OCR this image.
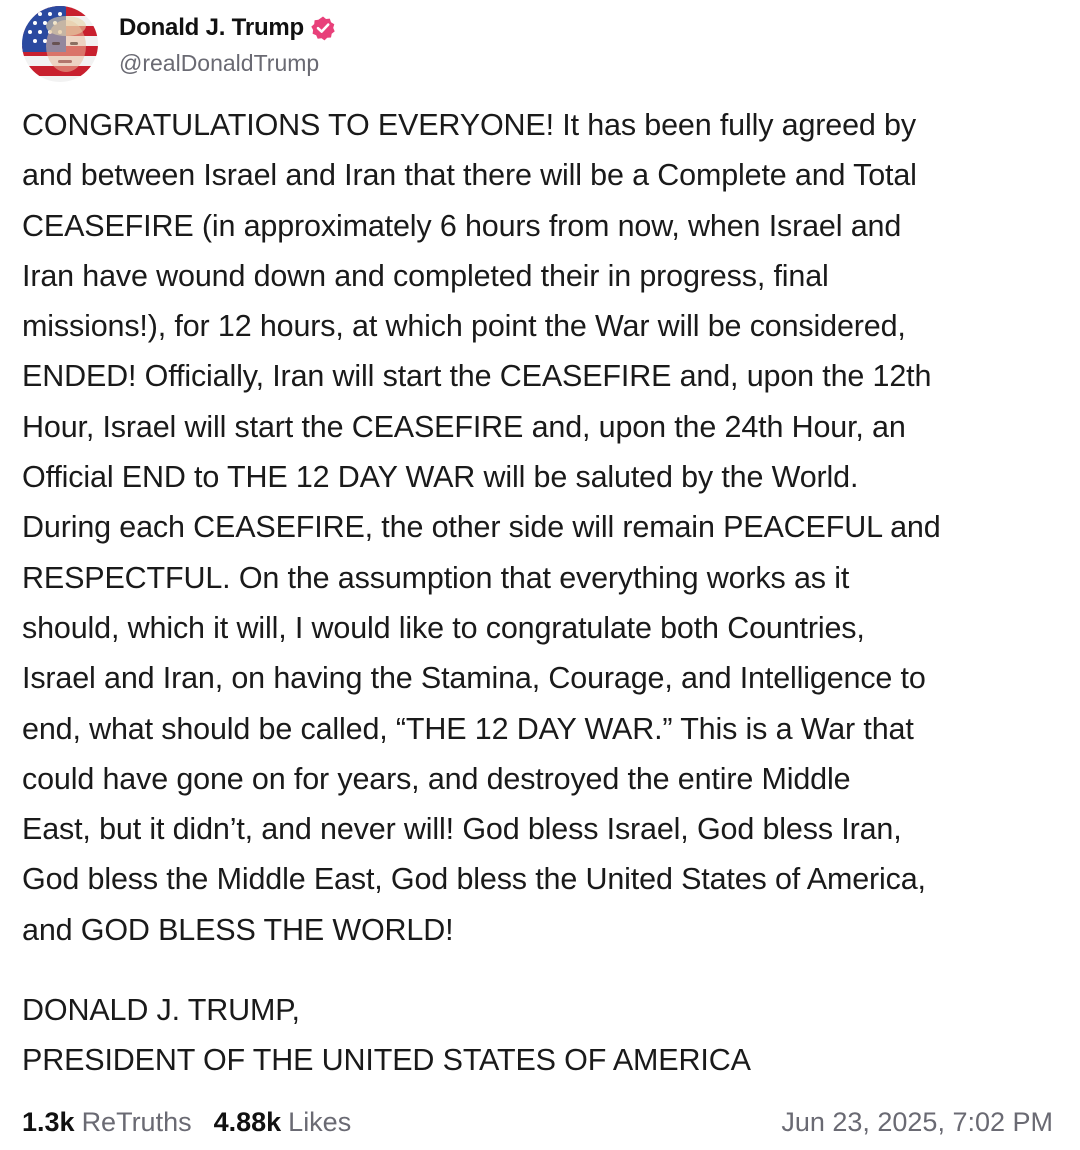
Donald J. Trump
@realDonaldTrump
CONGRATULATIONS TO EVERYONE! It has been fully agreed by
and between Israel and Iran that there will be a Complete and Total
CEASEFIRE (in approximately 6 hours from now, when Israel and
Iran have wound down and completed their in progress, final
missions!), for 12 hours, at which point the War will be considered,
ENDED! Officially, Iran will start the CEASEFIRE and, upon the 12th
Hour, Israel will start the CEASEFIRE and, upon the 24th Hour, an
Official END to THE 12 DAY WAR will be saluted by the World.
During each CEASEFIRE, the other side will remain PEACEFUL and
RESPECTFUL. On the assumption that everything works as it
should, which it will, I would like to congratulate both Countries,
Israel and Iran, on having the Stamina, Courage, and Intelligence to
end, what should be called, “THE 12 DAY WAR.” This is a War that
could have gone on for years, and destroyed the entire Middle
East, but it didn’t, and never will! God bless Israel, God bless Iran,
God bless the Middle East, God bless the United States of America,
and GOD BLESS THE WORLD!
DONALD J. TRUMP,
PRESIDENT OF THE UNITED STATES OF AMERICA
1.3k ReTruths 4.88k Likes	Jun 23, 2025, 7:02 PM
